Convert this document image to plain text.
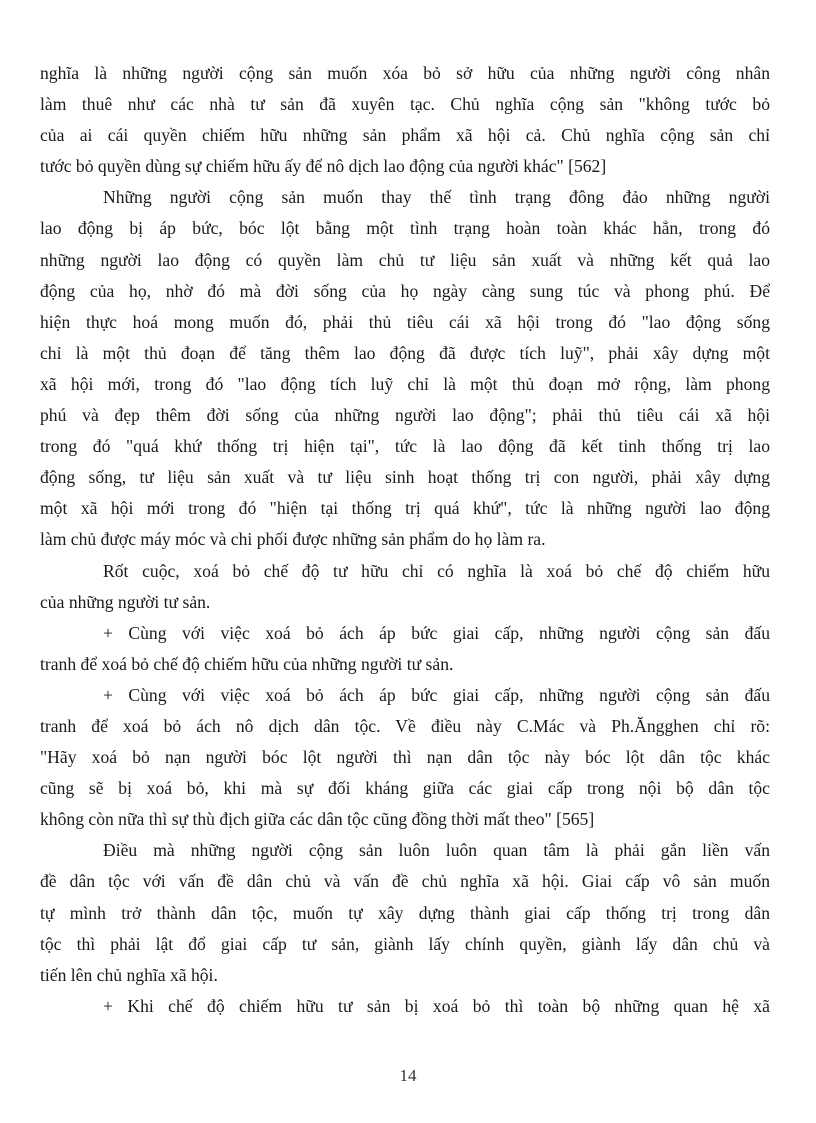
nghĩa là những người cộng sản muốn xóa bỏ sở hữu của những người công nhân
làm thuê như các nhà tư sản đã xuyên tạc. Chủ nghĩa cộng sản "không tước bỏ
của ai cái quyền chiếm hữu những sản phẩm xã hội cả. Chủ nghĩa cộng sản chỉ
tước bỏ quyền dùng sự chiếm hữu ấy để nô dịch lao động của người khác" [562]
Những người cộng sản muốn thay thế tình trạng đông đảo những người
lao động bị áp bức, bóc lột bằng một tình trạng hoàn toàn khác hẳn, trong đó
những người lao động có quyền làm chủ tư liệu sản xuất và những kết quả lao
động của họ, nhờ đó mà đời sống của họ ngày càng sung túc và phong phú. Để
hiện thực hoá mong muốn đó, phải thủ tiêu cái xã hội trong đó "lao động sống
chỉ là một thủ đoạn để tăng thêm lao động đã được tích luỹ", phải xây dựng một
xã hội mới, trong đó "lao động tích luỹ chỉ là một thủ đoạn mở rộng, làm phong
phú và đẹp thêm đời sống của những người lao động"; phải thủ tiêu cái xã hội
trong đó "quá khứ thống trị hiện tại", tức là lao động đã kết tinh thống trị lao
động sống, tư liệu sản xuất và tư liệu sinh hoạt thống trị con người, phải xây dựng
một xã hội mới trong đó "hiện tại thống trị quá khứ", tức là những người lao động
làm chủ được máy móc và chi phối được những sản phẩm do họ làm ra.
Rốt cuộc, xoá bỏ chế độ tư hữu chỉ có nghĩa là xoá bỏ chế độ chiếm hữu
của những người tư sản.
+ Cùng với việc xoá bỏ ách áp bức giai cấp, những người cộng sản đấu
tranh để xoá bỏ chế độ chiếm hữu của những người tư sản.
+ Cùng với việc xoá bỏ ách áp bức giai cấp, những người cộng sản đấu
tranh để xoá bỏ ách nô dịch dân tộc. Về điều này C.Mác và Ph.Ăngghen chỉ rõ:
"Hãy xoá bỏ nạn người bóc lột người thì nạn dân tộc này bóc lột dân tộc khác
cũng sẽ bị xoá bỏ, khi mà sự đối kháng giữa các giai cấp trong nội bộ dân tộc
không còn nữa thì sự thù địch giữa các dân tộc cũng đồng thời mất theo" [565]
Điều mà những người cộng sản luôn luôn quan tâm là phải gắn liền vấn
đề dân tộc với vấn đề dân chủ và vấn đề chủ nghĩa xã hội. Giai cấp vô sản muốn
tự mình trở thành dân tộc, muốn tự xây dựng thành giai cấp thống trị trong dân
tộc thì phải lật đổ giai cấp tư sản, giành lấy chính quyền, giành lấy dân chủ và
tiến lên chủ nghĩa xã hội.
+ Khi chế độ chiếm hữu tư sản bị xoá bỏ thì toàn bộ những quan hệ xã
14
